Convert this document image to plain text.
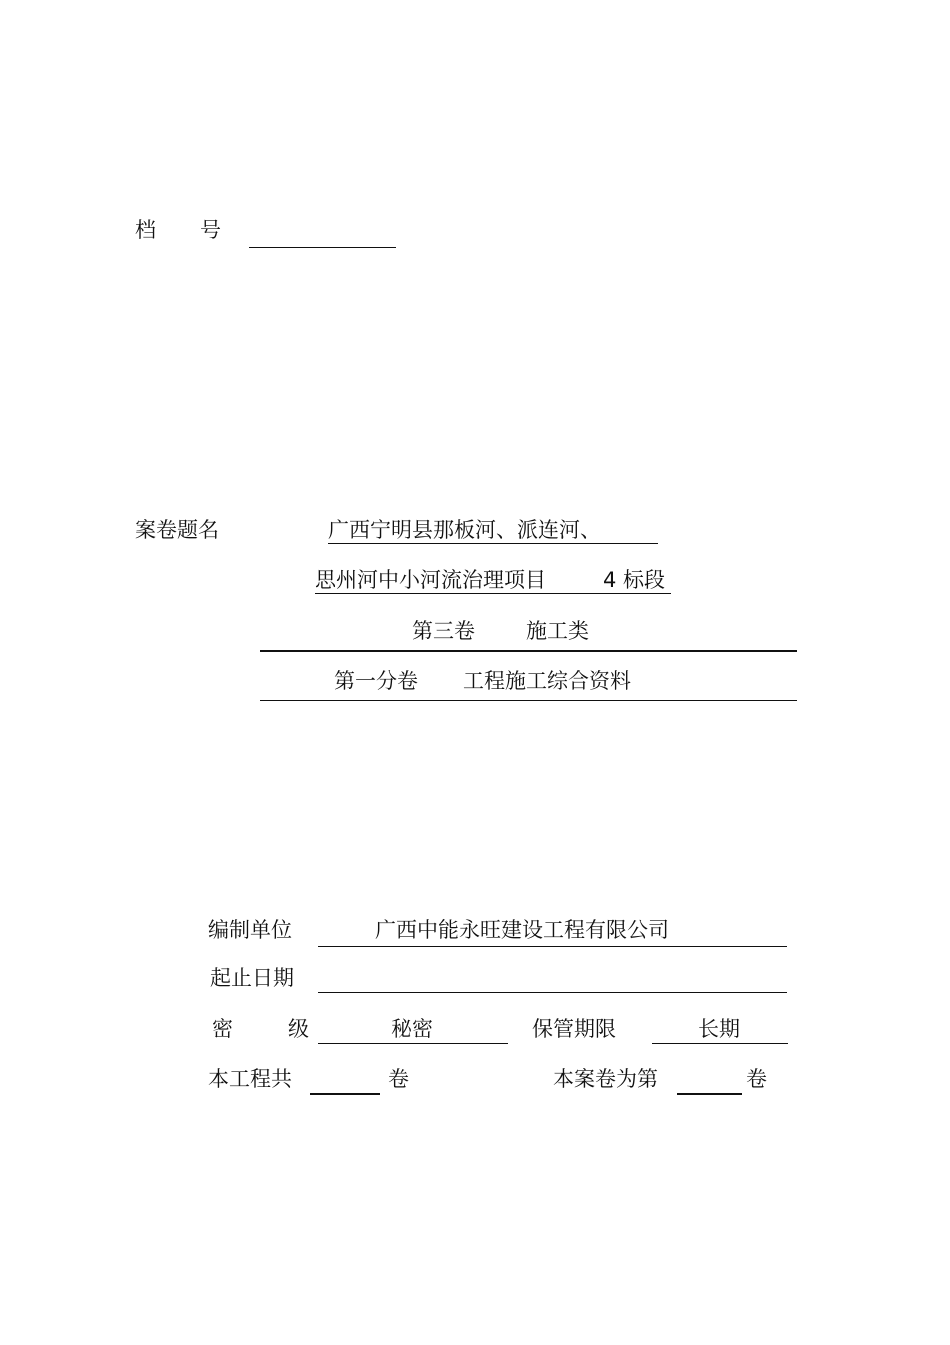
档 号
案卷题名	广西宁明县那板河、派连河、
思州河中小河流治理项目	4 标段
第三卷 施工类
第一分卷 工程施工综合资料
编制单位	广西中能永旺建设工程有限公司
起止日期
密	级	秘密	保管期限	长期
本工程共	卷	本案卷为第	卷
